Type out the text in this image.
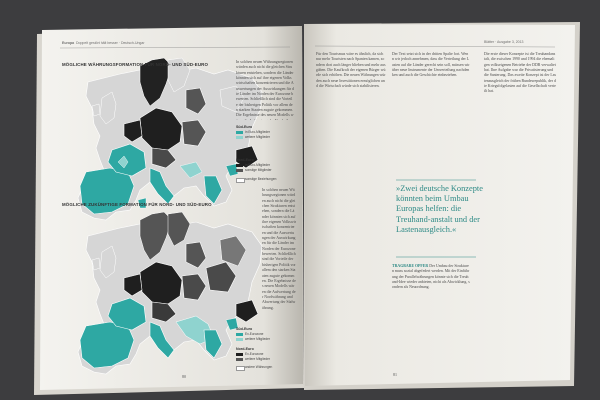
Europa Doppelt gestört hält besser · Deutsch-Ungar	Blätter · Ausgabe 3, 2013

MÖGLICHE WÄHRUNGSFORMATION FÜR NORD- UND SÜD-EURO

Süd-Euro

in Euro-Mitglieder

weitere Mitglieder

Nord-Euro

in Euro-Mitglieder

sonstige Mitglieder

sonstige Beziehungen

MÖGLICHE ZUKÜNFTIGE FORMATION FÜR NORD- UND SÜD-EURO

Süd-Euro

Ex-Eurozone

weitere Mitglieder

Nord-Euro

Ex-Eurozone

weitere Mitglieder

andere Währungen

In solchen neuen Währungsregionen würden auch nicht die gleichen Strukturen entstehen, sondern die Länder könnten sich auf ihre eigenen Volkswirtschaften konzentrieren und die Auswertungen der Auswirkungen für die Länder im Norden der Eurozone bewerten. Schließlich sind die Vorteile der bisherigen Politik vor allem den starken Staaten zugute gekommen. Die Ergebnisse des neuen Modells w
In solchen neuen Währungsregionen würden auch nicht die gleichen Strukturen entstehen, sondern die Länder könnten sich auf ihre eigenen Volkswirtschaften konzentrieren und die Auswertungen der Auswirkungen für die Länder im Norden der Eurozone bewerten. Schließlich sind die Vorteile der bisherigen Politik vor allem den starken Staaten zugute gekommen. Die Ergebnisse des neuen Modells wären die Aufwertung der Nordwährung und Abwertung der Südwährung.

80	81

Für den Tourismus wäre es ähnlich, da sich nur mehr Touristen nach Spanien kamen, sondern dort auch länger blieben und mehr ausgäben. Die Kaufkraft der eigenen Bürger würde sich erhöhen. Die neuen Währungen würden auch neue Investitionen ermöglichen und die Wirtschaft würde sich stabilisieren.
Der Text setzt sich in der dritten Spalte fort. Wenn wir jedoch annehmen, dass die Verteilung der Lasten auf die Länder gerecht sein soll, müssen wir über neue Instrumente der Umverteilung nachdenken und auch die Geschichte einbeziehen.
»Zwei deutsche Konzepte könnten beim Umbau Europas helfen: die Treuhand-anstalt und der Lastenausgleich.«
TRAGBARE OPFER Der Umbau der Strukturen muss sozial abgefedert werden. Mit der Einführung der Parallelwährungen könnte sich die Treuhand-Idee wieder anbieten, nicht als Abwicklung, sondern als Neuordnung.
Die erste dieser Konzepte ist die Treuhandanstalt, die zwischen 1990 und 1994 die ehemaligen volkseigenen Betriebe der DDR verwaltet hat. Ihre Aufgabe war die Privatisierung und die Sanierung. Das zweite Konzept ist der Lastenausgleich der frühen Bundesrepublik, der die Kriegsfolgelasten auf die Gesellschaft verteilt hat.
